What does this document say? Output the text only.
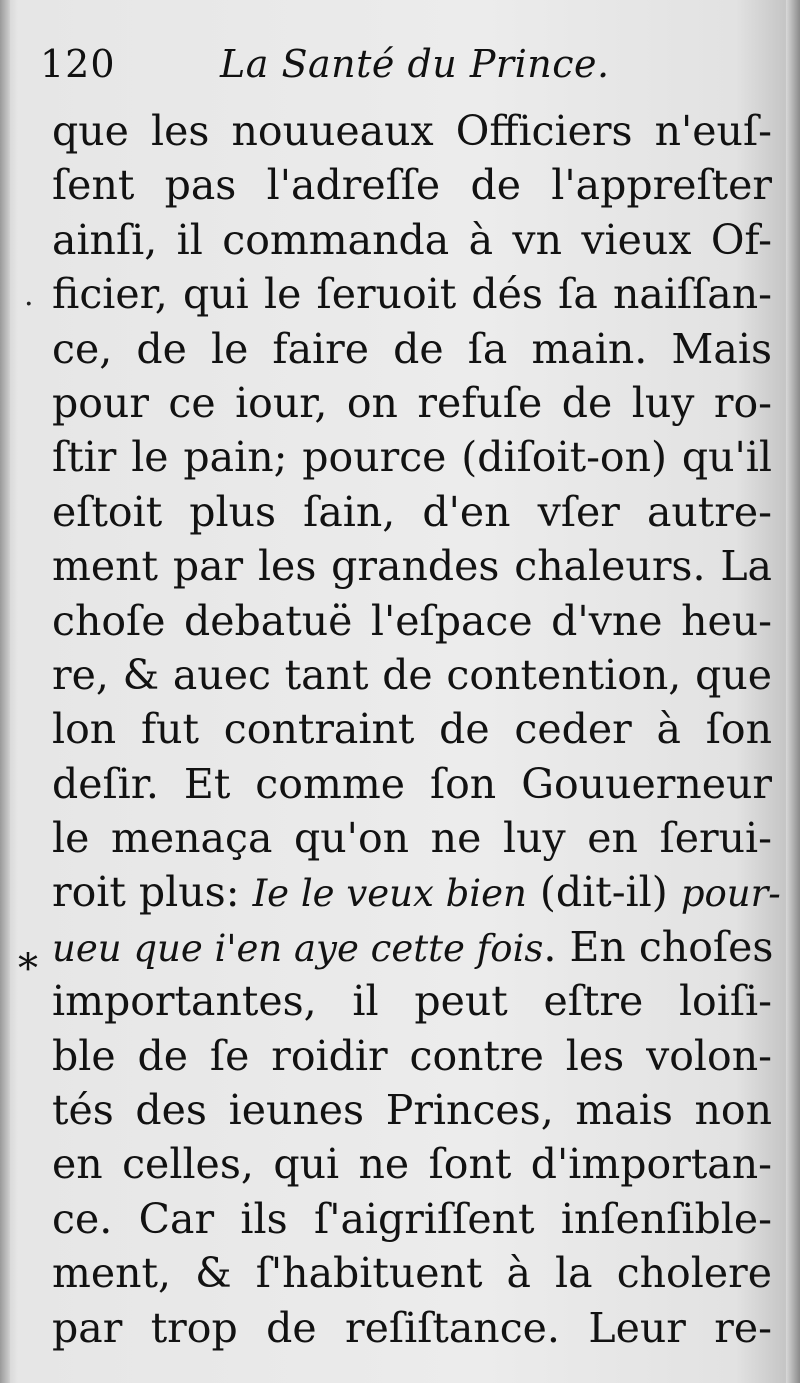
120	La Santé du Prince.
.
*
que les nouueaux Officiers n'euſ-
ſent pas l'adreſſe de l'appreſter
ainſi, il commanda à vn vieux Of-
ficier, qui le ſeruoit dés ſa naiſſan-
ce, de le faire de ſa main. Mais
pour ce iour, on refuſe de luy ro-
ſtir le pain; pource (diſoit-on) qu'il
eſtoit plus ſain, d'en vſer autre-
ment par les grandes chaleurs. La
choſe debatuë l'eſpace d'vne heu-
re, & auec tant de contention, que
lon fut contraint de ceder à ſon
deſir. Et comme ſon Gouuerneur
le menaça qu'on ne luy en ſerui-
roit plus: Ie le veux bien (dit-il) pour-
ueu que i'en aye cette fois. En choſes
importantes, il peut eſtre loiſi-
ble de ſe roidir contre les volon-
tés des ieunes Princes, mais non
en celles, qui ne ſont d'importan-
ce. Car ils ſ'aigriſſent inſenſible-
ment, & ſ'habituent à la cholere
par trop de reſiſtance. Leur re-
